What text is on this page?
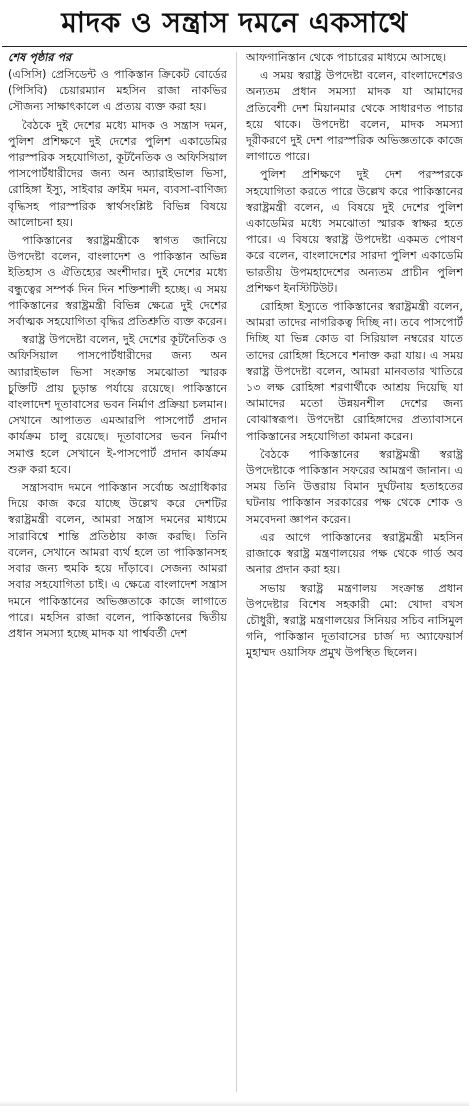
মাদক ও সন্ত্রাস দমনে একসাথে
শেষ পৃষ্ঠার পর

(এসিসি) প্রেসিডেন্ট ও পাকিস্তান ক্রিকেট বোর্ডের (পিসিবি) চেয়ারম্যান মহসিন রাজা নাকভির সৌজন্য সাক্ষাৎকালে এ প্রত্যয় ব্যক্ত করা হয়।

বৈঠকে দুই দেশের মধ্যে মাদক ও সন্ত্রাস দমন, পুলিশ প্রশিক্ষণে দুই দেশের পুলিশ একাডেমির পারস্পরিক সহযোগিতা, কূটনৈতিক ও অফিসিয়াল পাসপোর্টধারীদের জন্য অন অ্যারাইভাল ভিসা, রোহিঙ্গা ইস্যু, সাইবার ক্রাইম দমন, ব্যবসা-বাণিজ্য বৃদ্ধিসহ পারস্পরিক স্বার্থসংশ্লিষ্ট বিভিন্ন বিষয়ে আলোচনা হয়।

পাকিস্তানের স্বরাষ্ট্রমন্ত্রীকে স্বাগত জানিয়ে উপদেষ্টা বলেন, বাংলাদেশ ও পাকিস্তান অভিন্ন ইতিহাস ও ঐতিহ্যের অংশীদার। দুই দেশের মধ্যে বন্ধুত্বের সম্পর্ক দিন দিন শক্তিশালী হচ্ছে। এ সময় পাকিস্তানের স্বরাষ্ট্রমন্ত্রী বিভিন্ন ক্ষেত্রে দুই দেশের সর্বাত্মক সহযোগিতা বৃদ্ধির প্রতিশ্রুতি ব্যক্ত করেন।

স্বরাষ্ট্র উপদেষ্টা বলেন, দুই দেশের কূটনৈতিক ও অফিসিয়াল পাসপোর্টধারীদের জন্য অন অ্যারাইভাল ভিসা সংক্রান্ত সমঝোতা স্মারক চুক্তিটি প্রায় চূড়ান্ত পর্যায়ে রয়েছে। পাকিস্তানে বাংলাদেশ দূতাবাসের ভবন নির্মাণ প্রক্রিয়া চলমান। সেখানে আপাতত এমআরপি পাসপোর্ট প্রদান কার্যক্রম চালু রয়েছে। দূতাবাসের ভবন নির্মাণ সমাপ্ত হলে সেখানে ই-পাসপোর্ট প্রদান কার্যক্রম শুরু করা হবে।

সন্ত্রাসবাদ দমনে পাকিস্তান সর্বোচ্চ অগ্রাধিকার দিয়ে কাজ করে যাচ্ছে উল্লেখ করে দেশটির স্বরাষ্ট্রমন্ত্রী বলেন, আমরা সন্ত্রাস দমনের মাধ্যমে সারাবিশ্বে শান্তি প্রতিষ্ঠায় কাজ করছি। তিনি বলেন, সেখানে আমরা ব্যর্থ হলে তা পাকিস্তানসহ সবার জন্য হুমকি হয়ে দাঁড়াবে। সেজন্য আমরা সবার সহযোগিতা চাই। এ ক্ষেত্রে বাংলাদেশ সন্ত্রাস দমনে পাকিস্তানের অভিজ্ঞতাকে কাজে লাগাতে পারে। মহসিন রাজা বলেন, পাকিস্তানের দ্বিতীয় প্রধান সমস্যা হচ্ছে মাদক যা পার্শ্ববর্তী দেশ

আফগানিস্তান থেকে পাচারের মাধ্যমে আসছে।

এ সময় স্বরাষ্ট্র উপদেষ্টা বলেন, বাংলাদেশেরও অন্যতম প্রধান সমস্যা মাদক যা আমাদের প্রতিবেশী দেশ মিয়ানমার থেকে সাধারণত পাচার হয়ে থাকে। উপদেষ্টা বলেন, মাদক সমস্যা দূরীকরণে দুই দেশ পারস্পরিক অভিজ্ঞতাকে কাজে লাগাতে পারে।

পুলিশ প্রশিক্ষণে দুই দেশ পরস্পরকে সহযোগিতা করতে পারে উল্লেখ করে পাকিস্তানের স্বরাষ্ট্রমন্ত্রী বলেন, এ বিষয়ে দুই দেশের পুলিশ একাডেমির মধ্যে সমঝোতা স্মারক স্বাক্ষর হতে পারে। এ বিষয়ে স্বরাষ্ট্র উপদেষ্টা একমত পোষণ করে বলেন, বাংলাদেশের সারদা পুলিশ একাডেমি ভারতীয় উপমহাদেশের অন্যতম প্রাচীন পুলিশ প্রশিক্ষণ ইনস্টিটিউট।

রোহিঙ্গা ইস্যুতে পাকিস্তানের স্বরাষ্ট্রমন্ত্রী বলেন, আমরা তাদের নাগরিকত্ব দিচ্ছি না। তবে পাসপোর্ট দিচ্ছি যা ভিন্ন কোড বা সিরিয়াল নম্বরের যাতে তাদের রোহিঙ্গা হিসেবে শনাক্ত করা যায়। এ সময় স্বরাষ্ট্র উপদেষ্টা বলেন, আমরা মানবতার খাতিরে ১৩ লক্ষ রোহিঙ্গা শরণার্থীকে আশ্রয় দিয়েছি যা আমাদের মতো উন্নয়নশীল দেশের জন্য বোঝাস্বরূপ। উপদেষ্টা রোহিঙ্গাদের প্রত্যাবাসনে পাকিস্তানের সহযোগিতা কামনা করেন।

বৈঠকে পাকিস্তানের স্বরাষ্ট্রমন্ত্রী স্বরাষ্ট্র উপদেষ্টাকে পাকিস্তান সফরের আমন্ত্রণ জানান। এ সময় তিনি উত্তরায় বিমান দুর্ঘটনায় হতাহতের ঘটনায় পাকিস্তান সরকারের পক্ষ থেকে শোক ও সমবেদনা জ্ঞাপন করেন।

এর আগে পাকিস্তানের স্বরাষ্ট্রমন্ত্রী মহসিন রাজাকে স্বরাষ্ট্র মন্ত্রণালয়ের পক্ষ থেকে গার্ড অব অনার প্রদান করা হয়।

সভায় স্বরাষ্ট্র মন্ত্রণালয় সংক্রান্ত প্রধান উপদেষ্টার বিশেষ সহকারী মো: খোদা বখস চৌধুরী, স্বরাষ্ট্র মন্ত্রণালয়ের সিনিয়র সচিব নাসিমুল গনি, পাকিস্তান দূতাবাসের চার্জ দ্য অ্যাফেয়ার্স মুহাম্মদ ওয়াসিফ প্রমুখ উপস্থিত ছিলেন।
